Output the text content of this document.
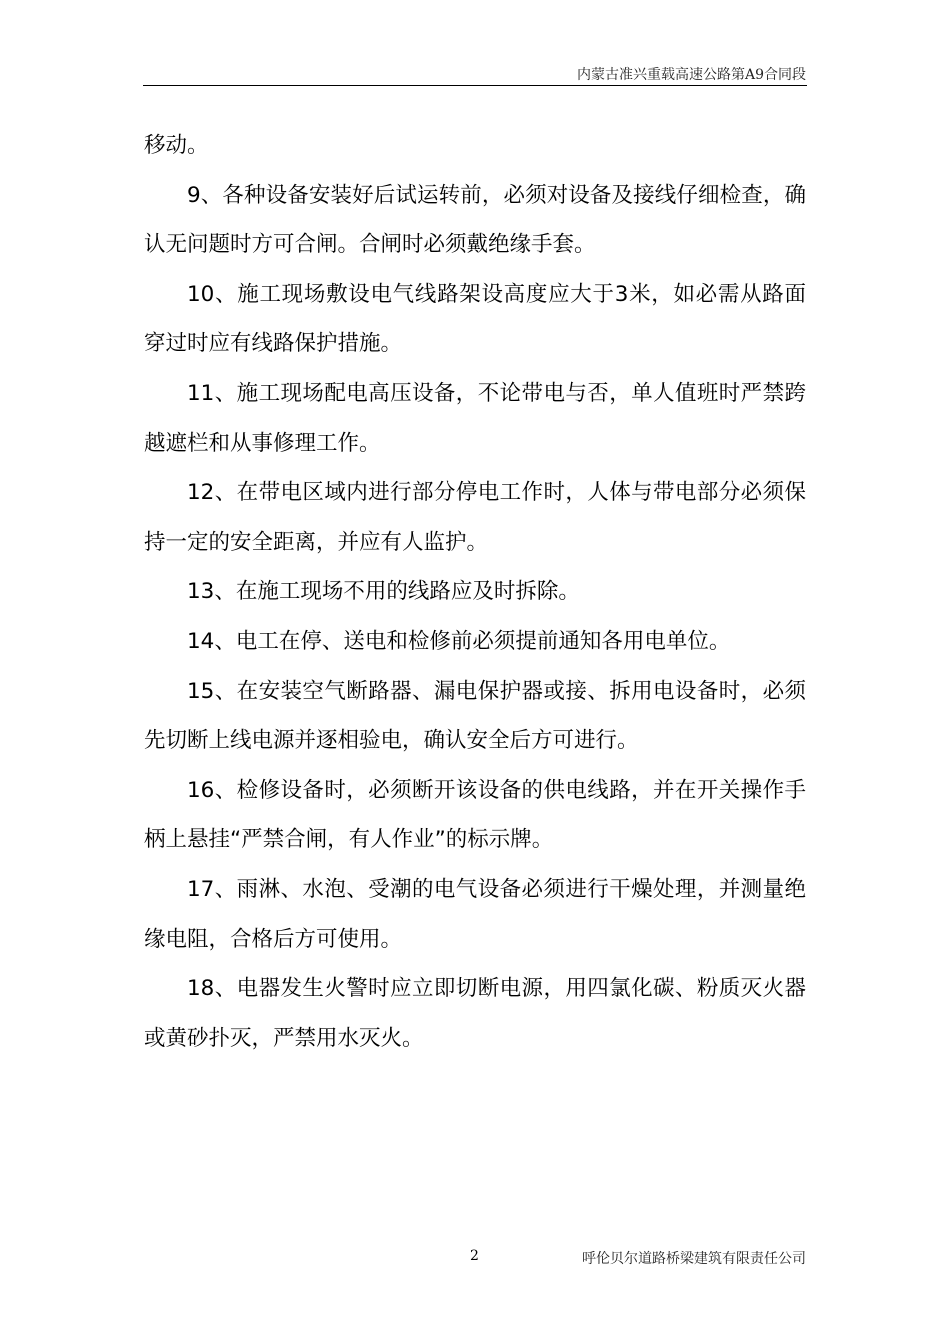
内蒙古准兴重载高速公路第A9合同段

移动。

9、各种设备安装好后试运转前，必须对设备及接线仔细检查，确认无问题时方可合闸。合闸时必须戴绝缘手套。

10、施工现场敷设电气线路架设高度应大于3米，如必需从路面穿过时应有线路保护措施。

11、施工现场配电高压设备，不论带电与否，单人值班时严禁跨越遮栏和从事修理工作。

12、在带电区域内进行部分停电工作时，人体与带电部分必须保持一定的安全距离，并应有人监护。

13、在施工现场不用的线路应及时拆除。

14、电工在停、送电和检修前必须提前通知各用电单位。

15、在安装空气断路器、漏电保护器或接、拆用电设备时，必须先切断上线电源并逐相验电，确认安全后方可进行。

16、检修设备时，必须断开该设备的供电线路，并在开关操作手柄上悬挂“严禁合闸，有人作业”的标示牌。

17、雨淋、水泡、受潮的电气设备必须进行干燥处理，并测量绝缘电阻，合格后方可使用。

18、电器发生火警时应立即切断电源，用四氯化碳、粉质灭火器或黄砂扑灭，严禁用水灭火。

2	呼伦贝尔道路桥梁建筑有限责任公司
